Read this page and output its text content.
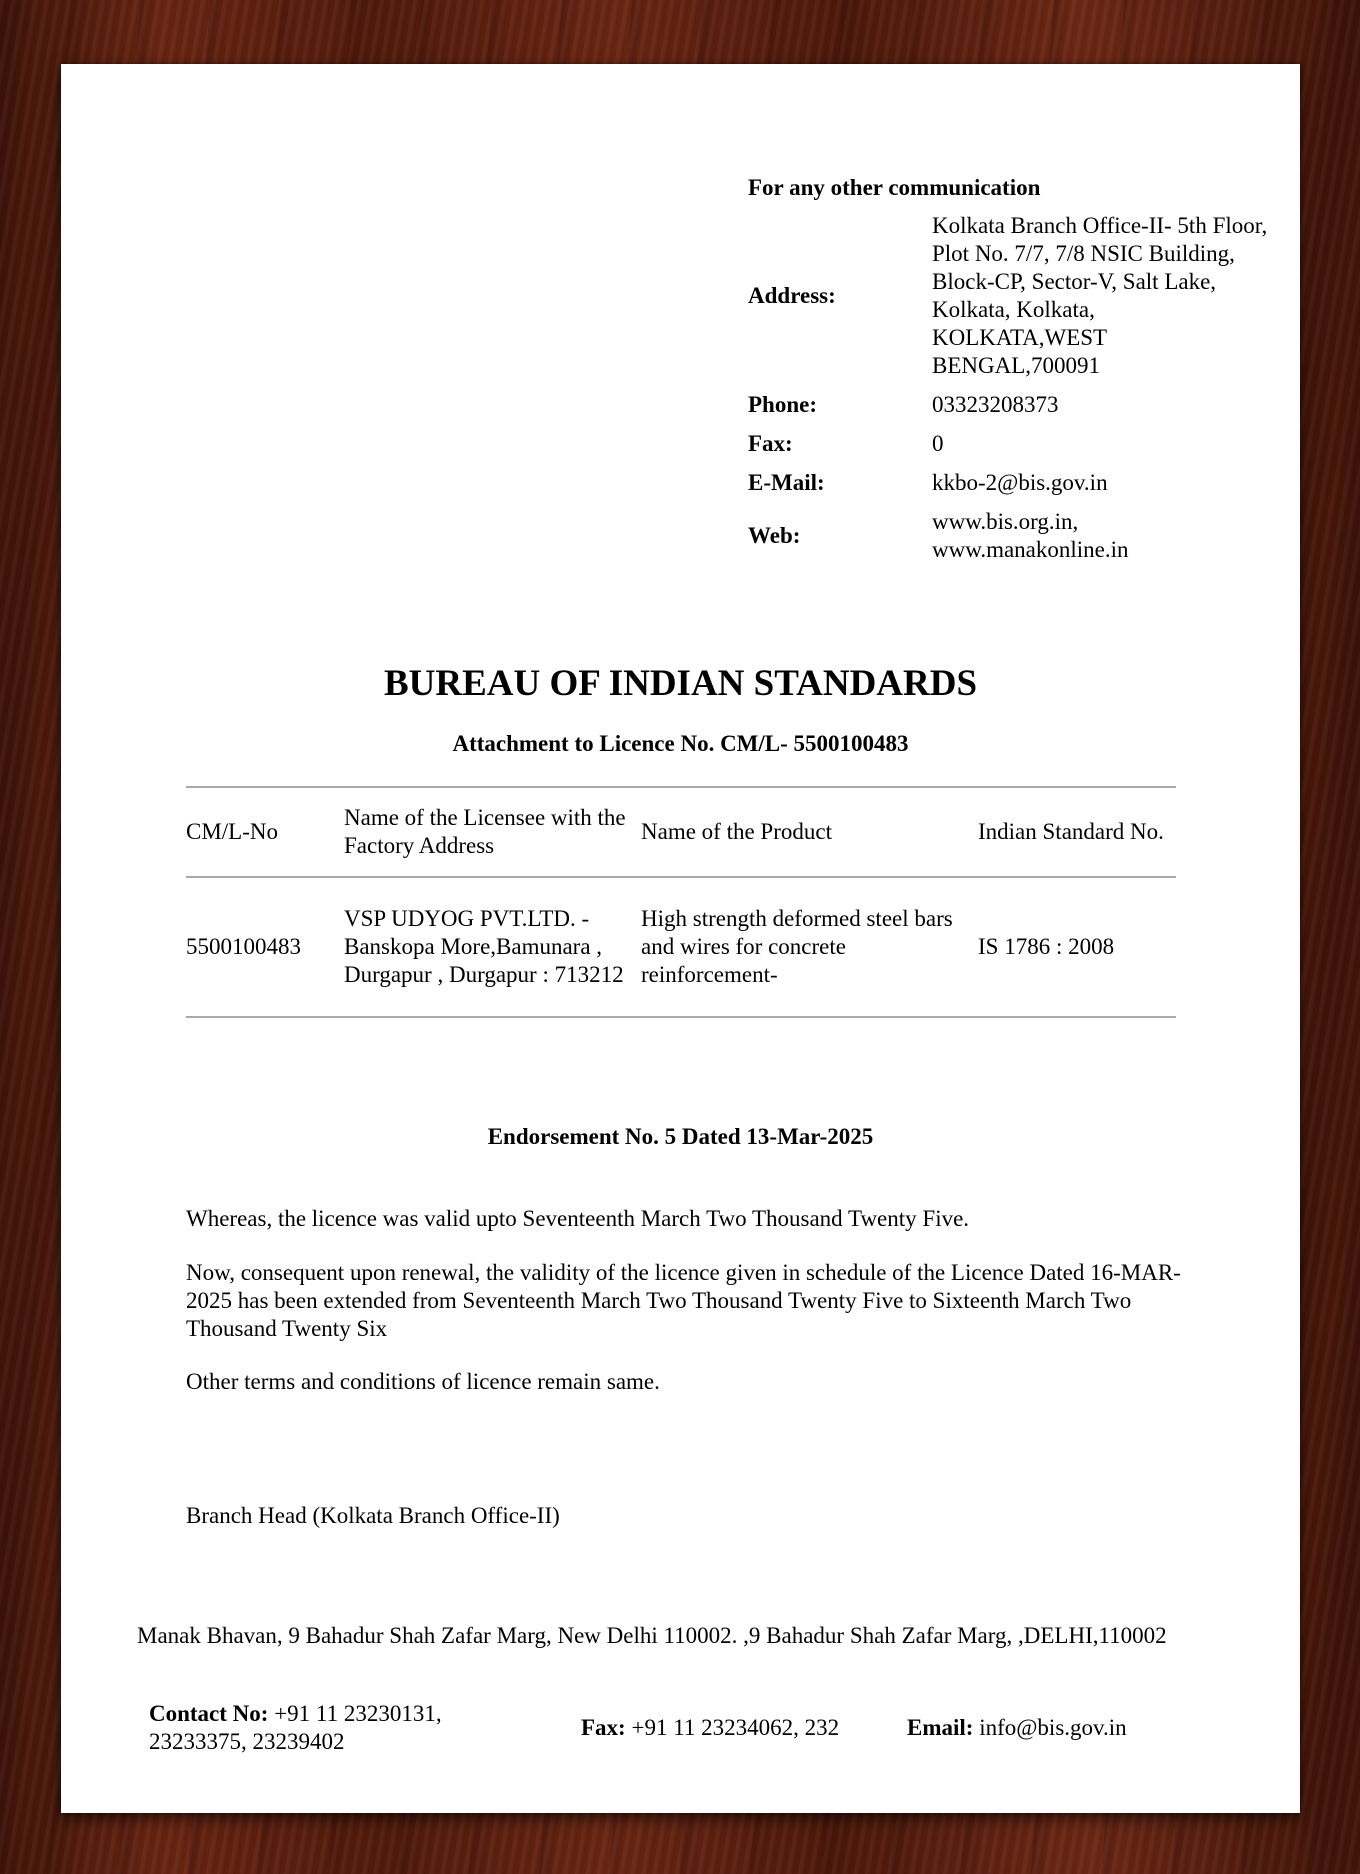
For any other communication
Address:
Kolkata Branch Office-II- 5th Floor, Plot No. 7/7, 7/8 NSIC Building, Block-CP, Sector-V, Salt Lake, Kolkata, Kolkata, KOLKATA,WEST BENGAL,700091
Phone:	03323208373
Fax:	0
E-Mail:	kkbo-2@bis.gov.in
Web:
www.bis.org.in, www.manakonline.in
BUREAU OF INDIAN STANDARDS
Attachment to Licence No. CM/L- 5500100483
CM/L-No	Name of the Licensee with the Factory Address	Name of the Product	Indian Standard No.
5500100483	VSP UDYOG PVT.LTD. - Banskopa More,Bamunara , Durgapur , Durgapur : 713212	High strength deformed steel bars and wires for concrete reinforcement-	IS 1786 : 2008
Endorsement No. 5 Dated 13-Mar-2025
Whereas, the licence was valid upto Seventeenth March Two Thousand Twenty Five.
Now, consequent upon renewal, the validity of the licence given in schedule of the Licence Dated 16-MAR-2025 has been extended from Seventeenth March Two Thousand Twenty Five to Sixteenth March Two Thousand Twenty Six
Other terms and conditions of licence remain same.
Branch Head (Kolkata Branch Office-II)
Manak Bhavan, 9 Bahadur Shah Zafar Marg, New Delhi 110002. ,9 Bahadur Shah Zafar Marg, ,DELHI,110002
Contact No: +91 11 23230131, 23233375, 23239402
Fax: +91 11 23234062, 232	Email: info@bis.gov.in
